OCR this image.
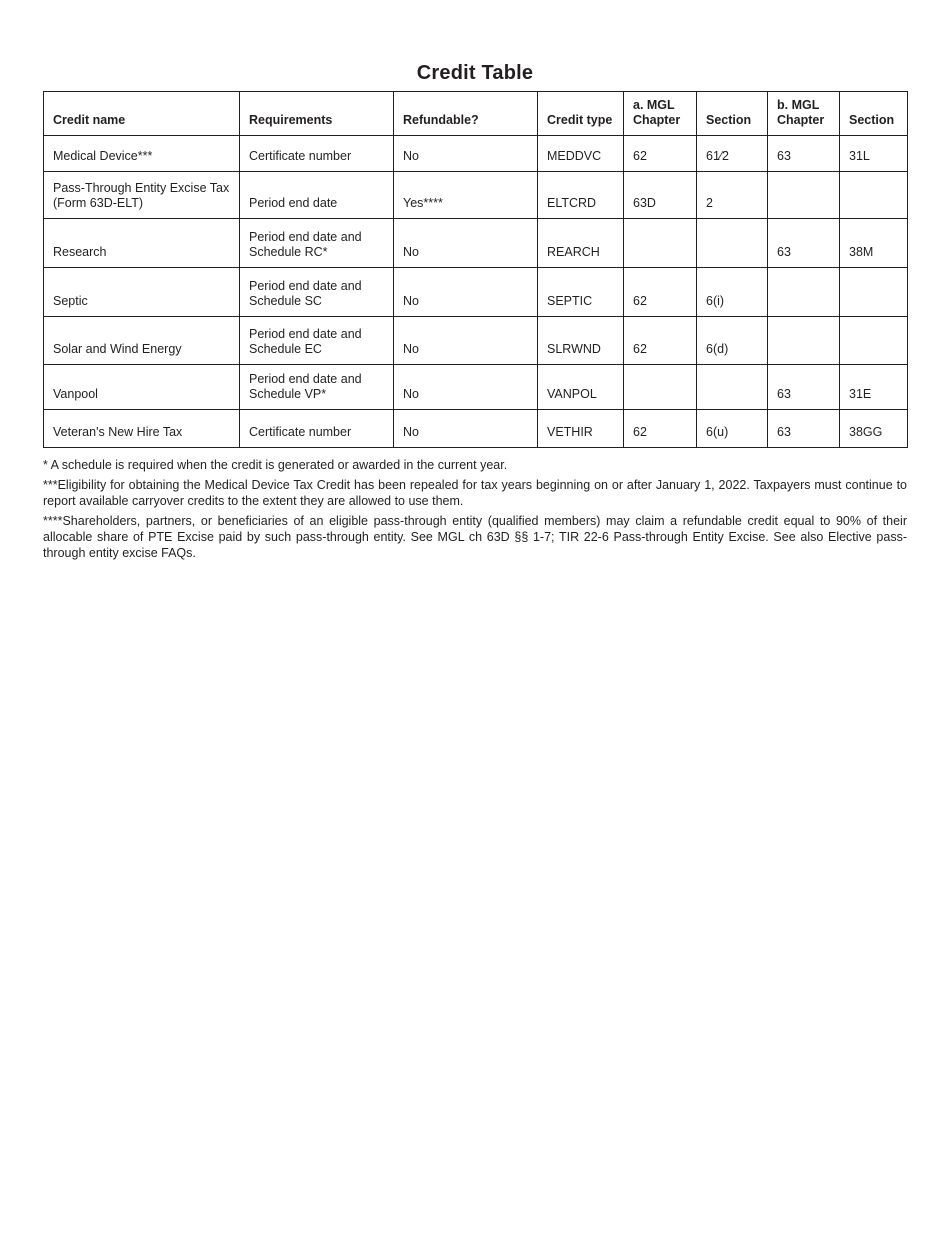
Credit Table
Credit name	Requirements	Refundable?	Credit type	a. MGL Chapter	Section	b. MGL Chapter	Section
Medical Device***	Certificate number	No	MEDDVC	62	61⁄2	63	31L
Pass-Through Entity Excise Tax (Form 63D-ELT)	Period end date	Yes****	ELTCRD	63D	2		
Research	Period end date and Schedule RC*	No	REARCH			63	38M
Septic	Period end date and Schedule SC	No	SEPTIC	62	6(i)		
Solar and Wind Energy	Period end date and Schedule EC	No	SLRWND	62	6(d)		
Vanpool	Period end date and Schedule VP*	No	VANPOL			63	31E
Veteran's New Hire Tax	Certificate number	No	VETHIR	62	6(u)	63	38GG

* A schedule is required when the credit is generated or awarded in the current year.

***Eligibility for obtaining the Medical Device Tax Credit has been repealed for tax years beginning on or after January 1, 2022. Taxpayers must continue to report available carryover credits to the extent they are allowed to use them.

****Shareholders, partners, or beneficiaries of an eligible pass-through entity (qualified members) may claim a refundable credit equal to 90% of their allocable share of PTE Excise paid by such pass-through entity. See MGL ch 63D §§ 1-7; TIR 22-6 Pass-through Entity Excise. See also Elective pass-through entity excise FAQs.
